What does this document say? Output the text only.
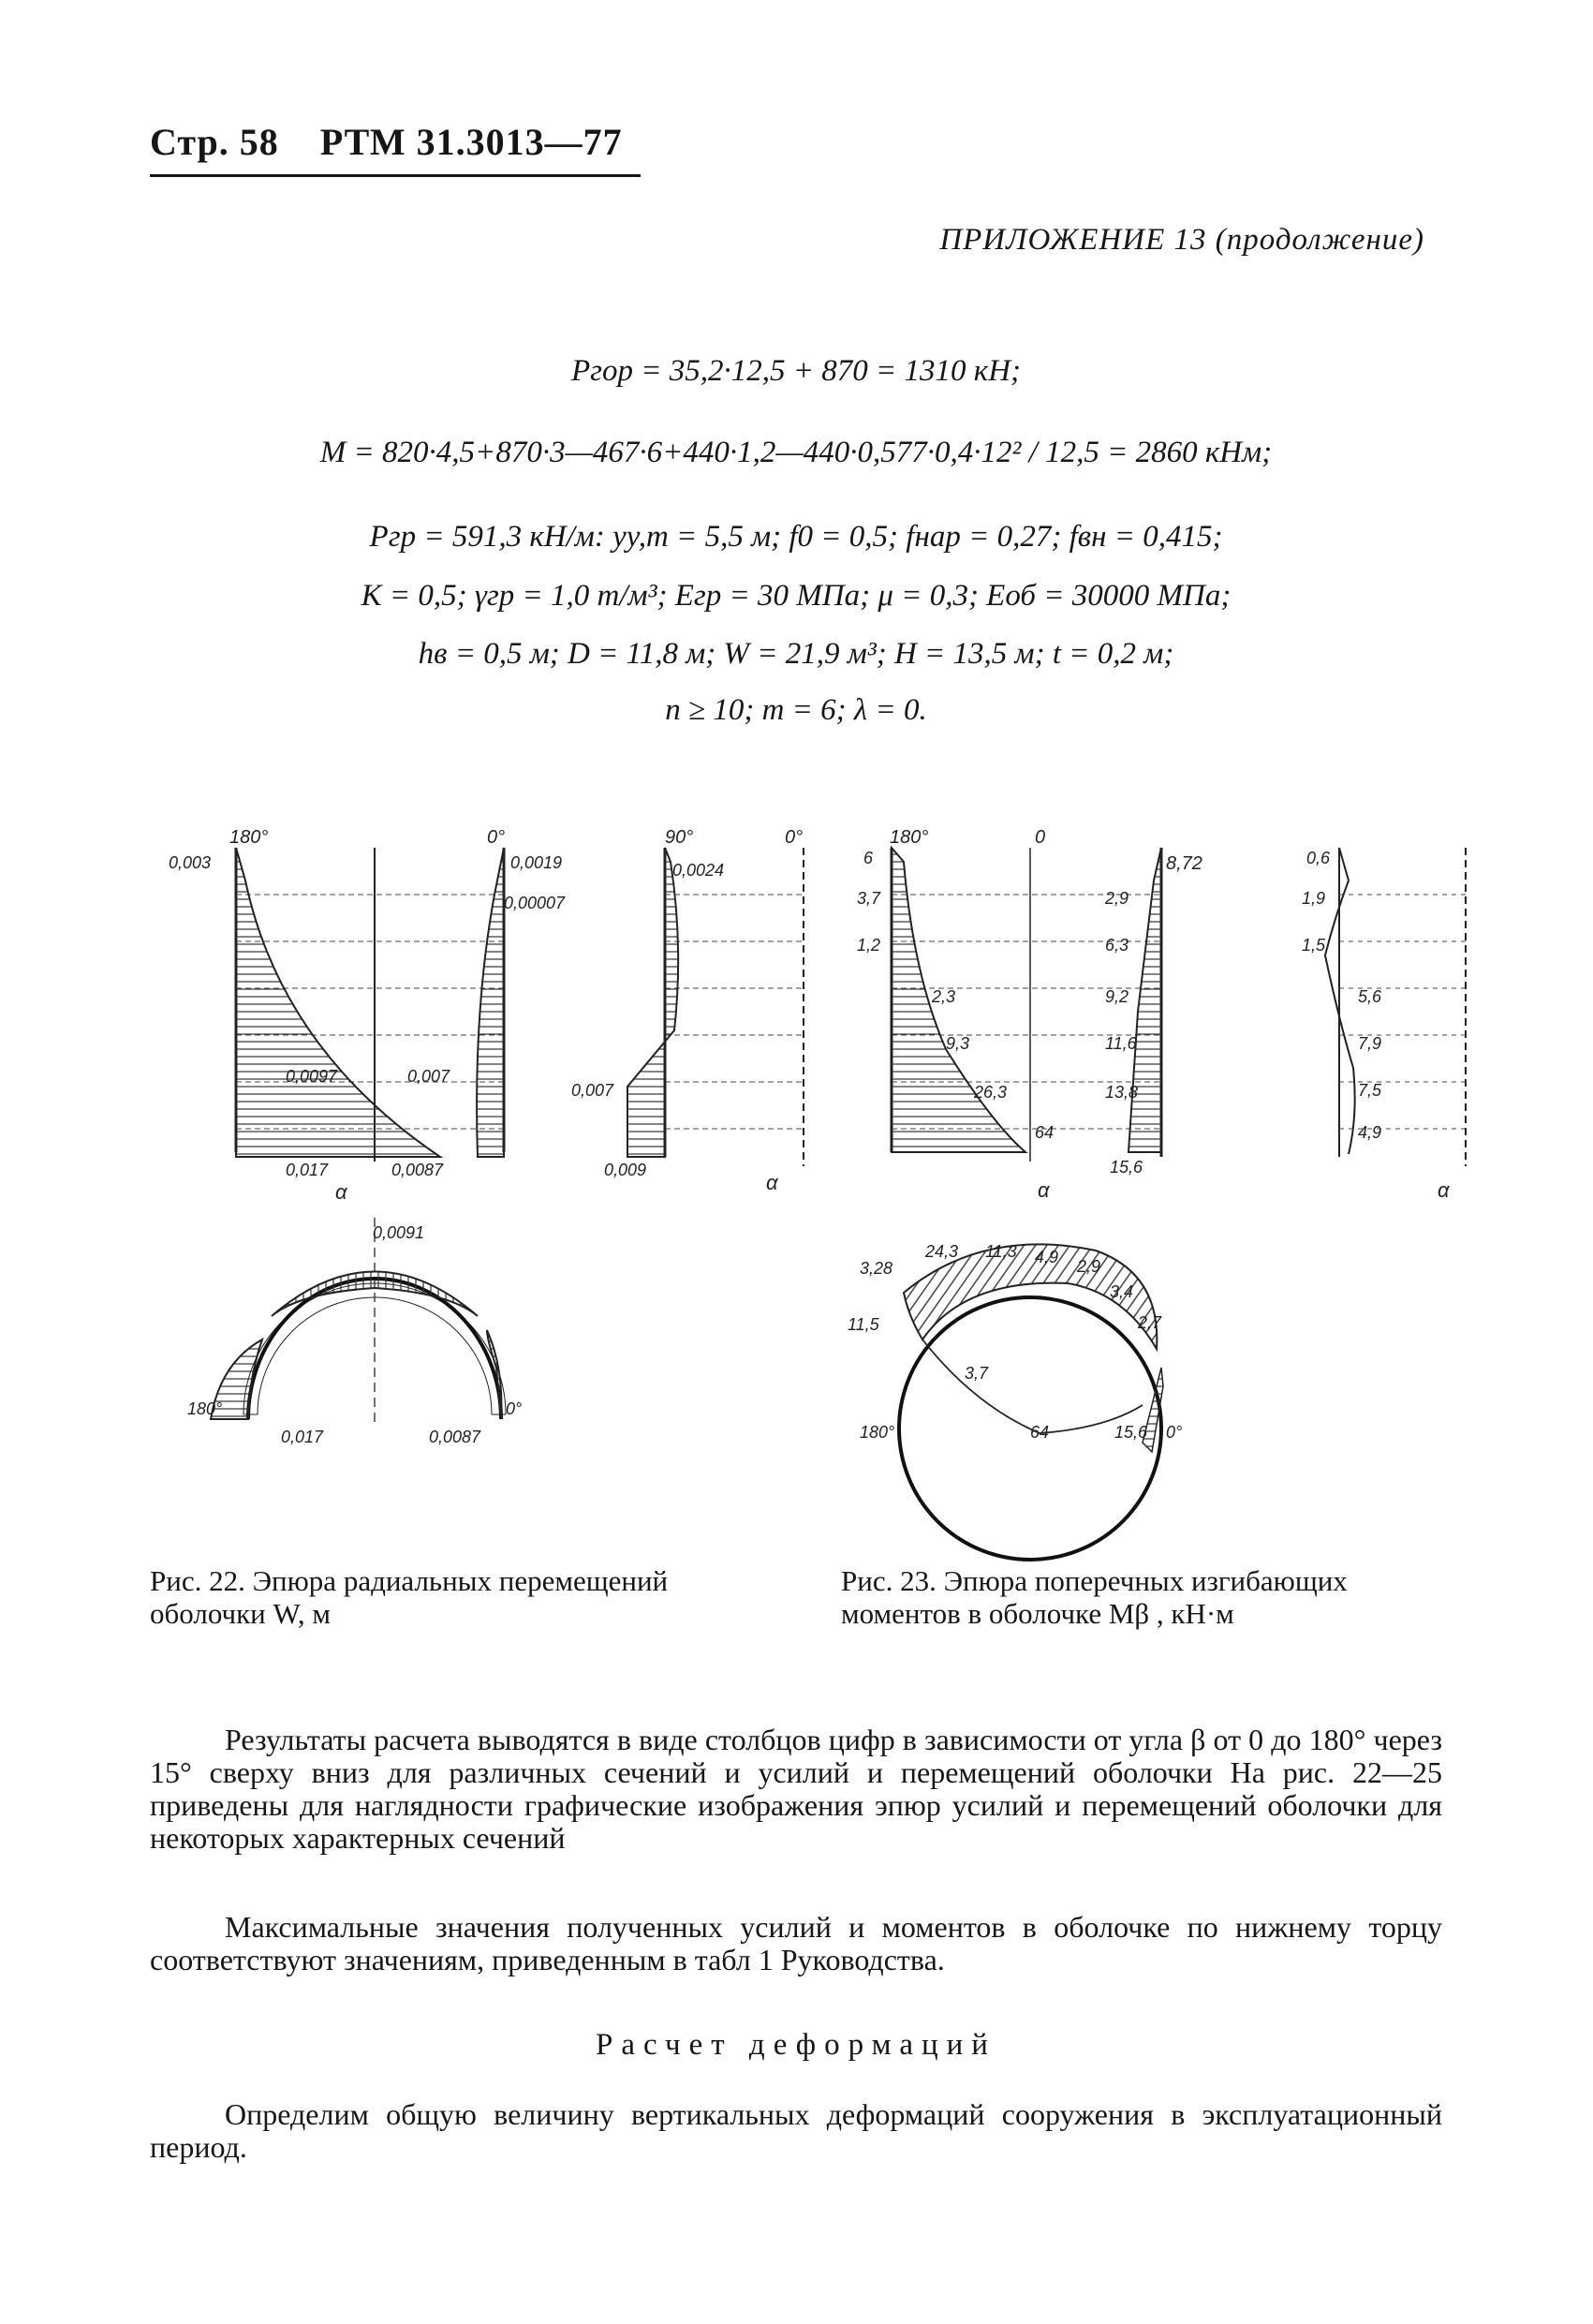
Стр. 58 РТМ 31.3013—77
ПРИЛОЖЕНИЕ 13 (продолжение)
Pгор = 35,2·12,5 + 870 = 1310 кН;
M = 820·4,5+870·3—467·6+440·1,2—440·0,577·0,4·12² / 12,5 = 2860 кНм;
Pгр = 591,3 кН/м: yу,т = 5,5 м; f0 = 0,5; fнар = 0,27; fвн = 0,415;
K = 0,5; γгр = 1,0 т/м³; Eгр = 30 МПа; μ = 0,3; Eоб = 30000 МПа;
hв = 0,5 м; D = 11,8 м; W = 21,9 м³; H = 13,5 м; t = 0,2 м;
n ≥ 10; m = 6; λ = 0.
180°	0°
0,003	0,0019
0,00007
0,0097	0,007
0,017	0,0087
α
90°	0°
0,0024
0,007
0,009
α
0,0091
180°	0°
0,017	0,0087
180°	0
8,72
6
3,7
1,2
2,9
6,3
2,3	9,2
9,3	11,6
26,3	13,8
64
15,6
α
0,6
1,9
1,5
5,6
7,9
7,5
4,9
α
3,28
24,3 11,3 4,9 2,9
3,4
2,7
11,5
3,7
180°	64	15,6 0°
Рис. 22. Эпюра радиальных перемещений оболочки W, м
Рис. 23. Эпюра поперечных изгибающих моментов в оболочке Mβ , кН·м
Результаты расчета выводятся в виде столбцов цифр в зависимости от угла β от 0 до 180° через 15° сверху вниз для различных сечений и усилий и перемещений оболочки На рис. 22—25 приведены для наглядности графические изображения эпюр усилий и перемещений оболочки для некоторых характерных сечений
Максимальные значения полученных усилий и моментов в оболочке по нижнему торцу соответствуют значениям, приведенным в табл 1 Руководства.
Расчет деформаций
Определим общую величину вертикальных деформаций сооружения в эксплуатационный период.
